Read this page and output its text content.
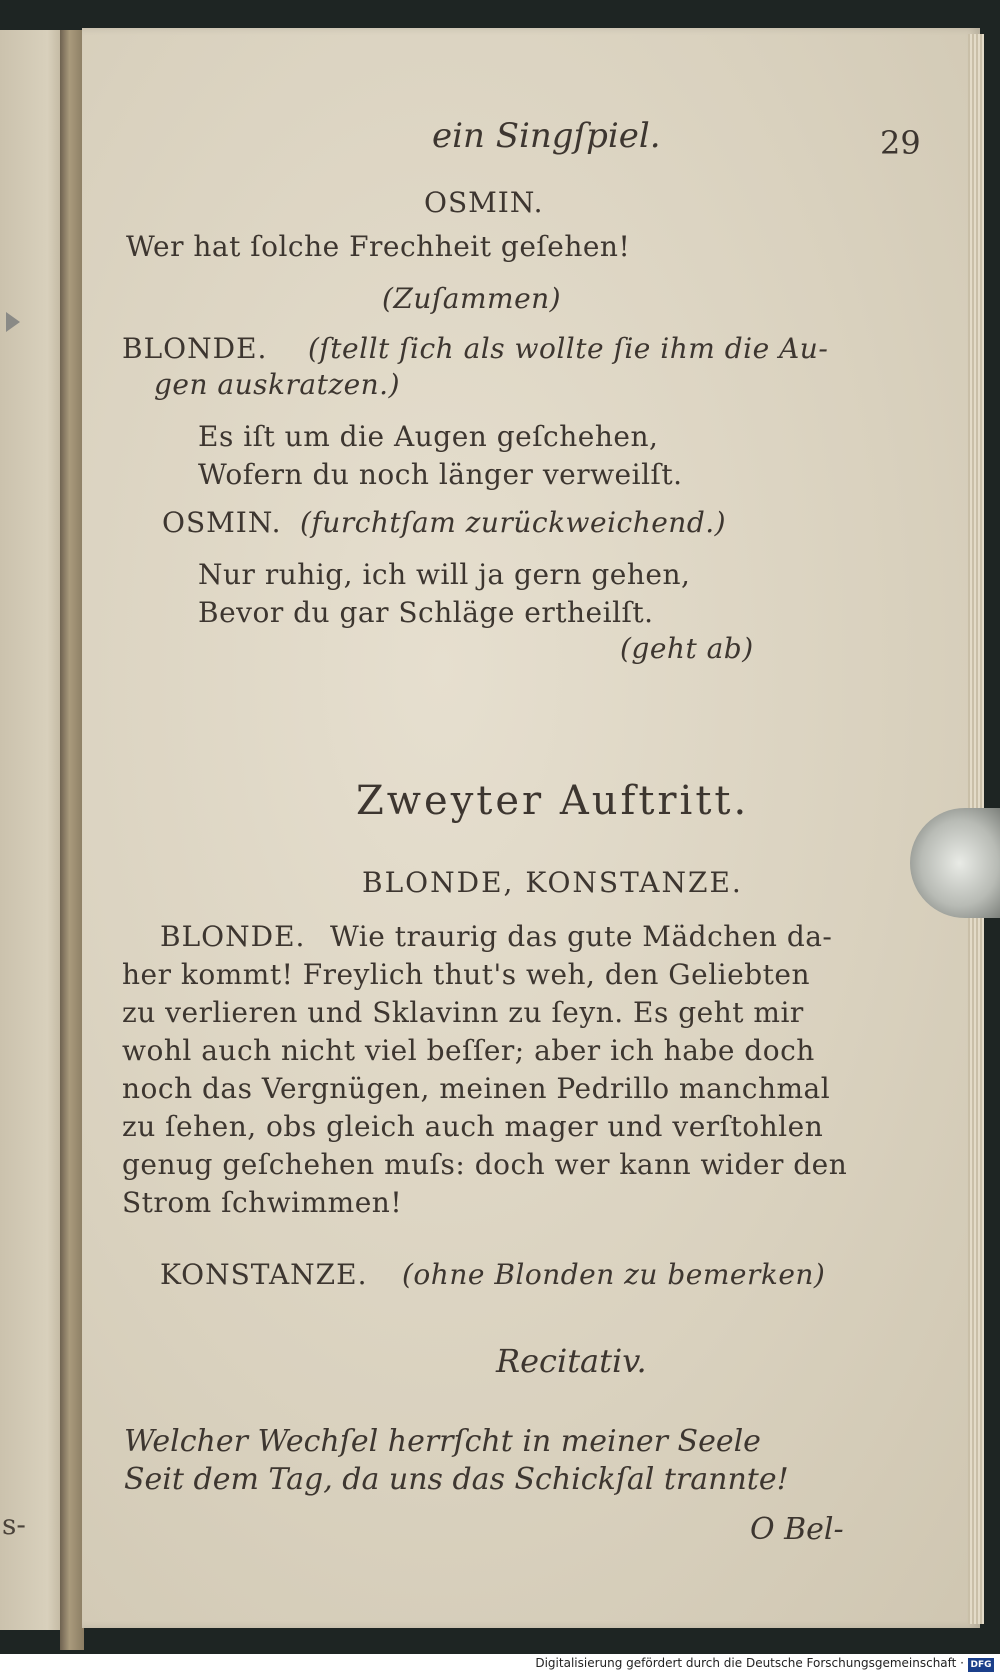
s-
ein Singſpiel.	29
OSMIN.
Wer hat ſolche Frechheit geſehen!
(Zuſammen)
BLONDE. (ſtellt ſich als wollte ſie ihm die Au-
gen auskratzen.)
Es iſt um die Augen geſchehen,
Wofern du noch länger verweilſt.
OSMIN. (furchtſam zurückweichend.)
Nur ruhig, ich will ja gern gehen,
Bevor du gar Schläge ertheilſt.
(geht ab)
Zweyter Auftritt.
BLONDE, KONSTANZE.
BLONDE. Wie traurig das gute Mädchen da-
her kommt! Freylich thut's weh, den Geliebten
zu verlieren und Sklavinn zu ſeyn. Es geht mir
wohl auch nicht viel beſſer; aber ich habe doch
noch das Vergnügen, meinen Pedrillo manchmal
zu ſehen, obs gleich auch mager und verſtohlen
genug geſchehen muſs: doch wer kann wider den
Strom ſchwimmen!
KONSTANZE. (ohne Blonden zu bemerken)
Recitativ.
Welcher Wechſel herrſcht in meiner Seele
Seit dem Tag, da uns das Schickſal trannte!
O Bel-
Digitalisierung gefördert durch die Deutsche Forschungsgemeinschaft · DFG
